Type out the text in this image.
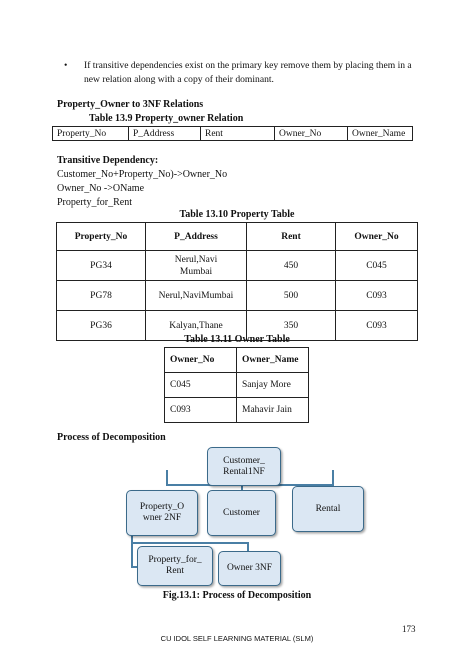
• If transitive dependencies exist on the primary key remove them by placing them in a
new relation along with a copy of their dominant.
Property_Owner to 3NF Relations
Table 13.9 Property_owner Relation
Property_No	P_Address	Rent	Owner_No	Owner_Name
Transitive Dependency:
Customer_No+Property_No)->Owner_No
Owner_No ->OName
Property_for_Rent
Table 13.10 Property Table
Property_No	P_Address	Rent	Owner_No
PG34	Nerul,Navi Mumbai	450	C045
PG78	Nerul,NaviMumbai	500	C093
PG36	Kalyan,Thane	350	C093
Table 13.11 Owner Table
Owner_No	Owner_Name
C045	Sanjay More
C093	Mahavir Jain
Process of Decomposition
Customer_ Rental1NF
Property_O wner 2NF
Customer	Rental
Property_for_ Rent	Owner 3NF
Fig.13.1: Process of Decomposition
173
CU IDOL SELF LEARNING MATERIAL (SLM)
